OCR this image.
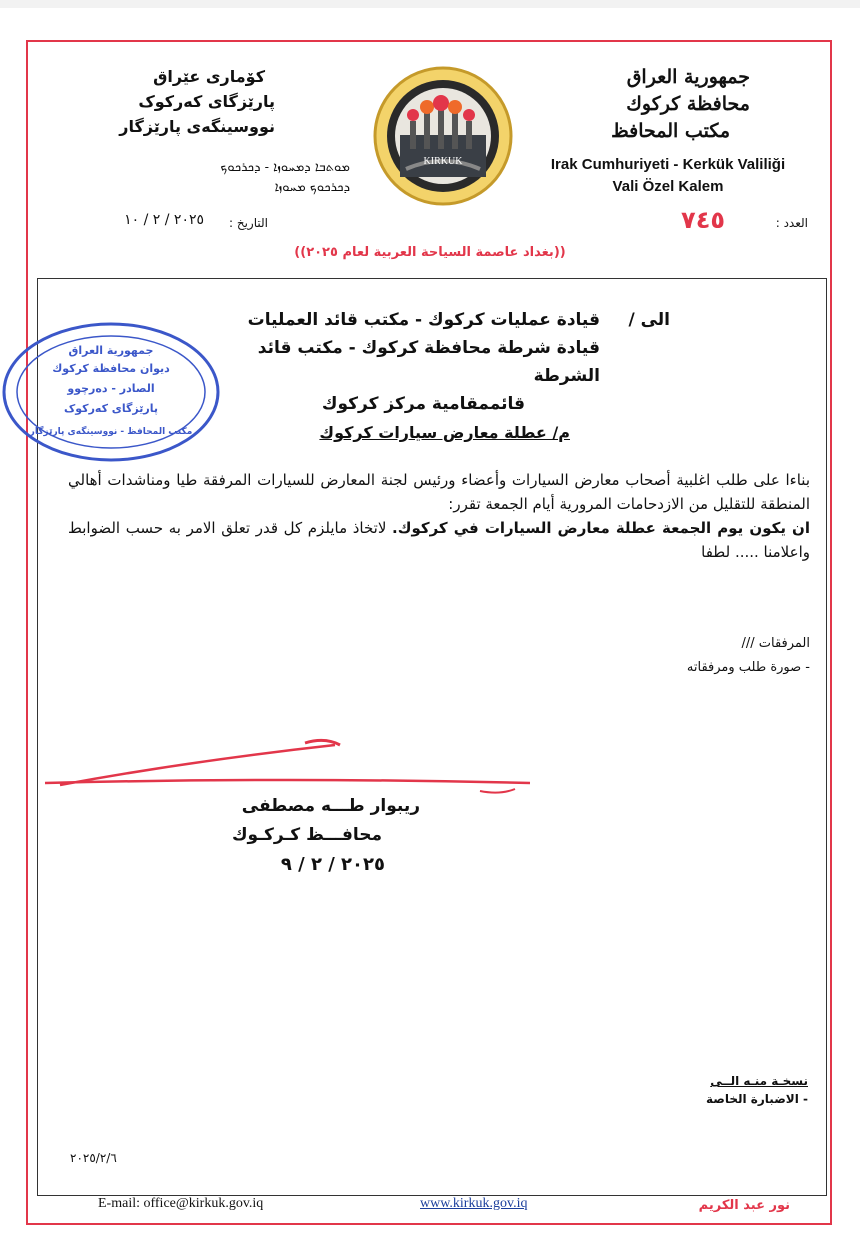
جمهورية العراق
محافظة كركوك
مكتب المحافظ
Irak Cumhuriyeti - Kerkük Valiliği
Vali Özel Kalem
کۆماری عێراق
پارێزگای کەرکوک
نووسینگەی پارێزگار
ܡܘܬܒܐ ܕܡܚܘܙܐ - ܕܟܪܟܘܟ
ܕܟܪܟܘܟ ܡܚܘܙܐ
KIRKUK
العدد :
٧٤٥
التاريخ :
٢٠٢٥ / ٢ / ١٠
((بغداد عاصمة السياحة العربية لعام ٢٠٢٥))
الى /
قيادة عمليات كركوك - مكتب قائد العمليات
قيادة شرطة محافظة كركوك - مكتب قائد الشرطة
قائممقامية مركز كركوك
م/ عطلة معارض سيارات كركوك
بناءا على طلب اغلبية أصحاب معارض السيارات وأعضاء ورئيس لجنة المعارض للسيارات المرفقة طيا ومناشدات أهالي المنطقة للتقليل من الازدحامات المرورية أيام الجمعة تقرر:
ان يكون يوم الجمعة عطلة معارض السيارات في كركوك. لاتخاذ مايلزم كل قدر تعلق الامر به حسب الضوابط واعلامنا ..... لطفا
المرفقات ///
- صورة طلب ومرفقاته
ريبوار طـــه مصطفى
محافـــظ كـركـوك
٢٠٢٥ / ٢ / ٩
جمهورية العراق
ديوان محافظة كركوك
الصادر - دەرچوو
پارێزگای کەرکوک
مكتب المحافظ - نووسینگەی پارێزگار
نسخـة منـه الــى
- الاضبارة الخاصة
٢٠٢٥/٢/٦
E-mail: office@kirkuk.gov.iq	www.kirkuk.gov.iq	نور عبد الكريم
